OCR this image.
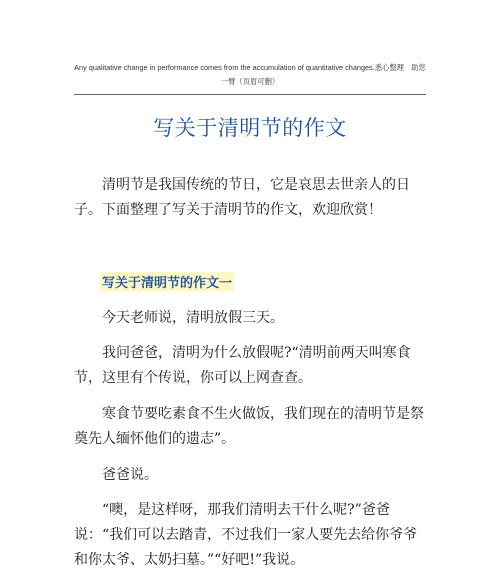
Any qualitative change in performance comes from the accumulation of quantitative changes.悉心整理　助您一臂（页眉可删）
写关于清明节的作文

清明节是我国传统的节日，它是哀思去世亲人的日子。下面整理了写关于清明节的作文，欢迎欣赏！

写关于清明节的作文一

今天老师说，清明放假三天。

我问爸爸，清明为什么放假呢?“清明前两天叫寒食节，这里有个传说，你可以上网查查。

寒食节要吃素食不生火做饭，我们现在的清明节是祭奠先人缅怀他们的遗志”。

爸爸说。

“噢，是这样呀，那我们清明去干什么呢?”爸爸说：“我们可以去踏青，不过我们一家人要先去给你爷爷和你太爷、太奶扫墓。”“好吧!”我说。
